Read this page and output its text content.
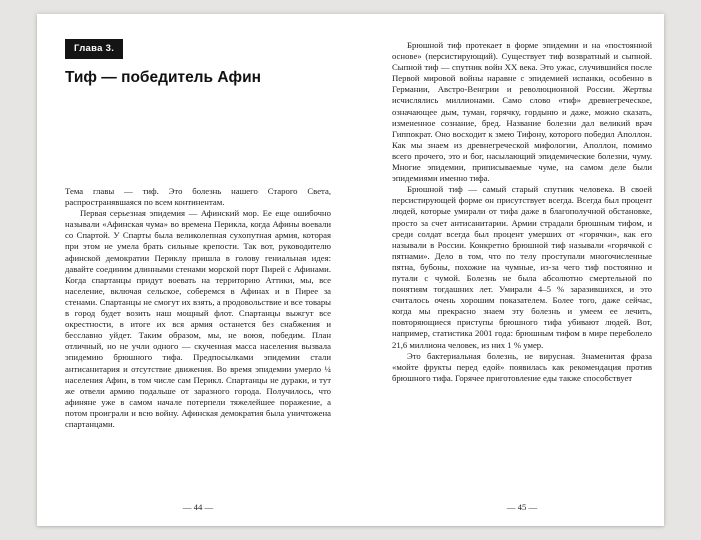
Глава 3.
Тиф — победитель Афин

Тема главы — тиф. Это болезнь нашего Старого Света, распространявшаяся по всем континентам.

Первая серьезная эпидемия — Афинский мор. Ее еще ошибочно называли «Афинская чума» во времена Перикла, когда Афины воевали со Спартой. У Спарты была великолепная сухопутная армия, которая при этом не умела брать сильные крепости. Так вот, руководителю афинской демократии Периклу пришла в голову гениальная идея: давайте соединим длинными стенами морской порт Пирей с Афинами. Когда спартанцы придут воевать на территорию Аттики, мы, все население, включая сельское, соберемся в Афинах и в Пирее за стенами. Спартанцы не смогут их взять, а продовольствие и все товары в город будет возить наш мощный флот. Спартанцы выжгут все окрестности, в итоге их вся армия останется без снабжения и бесславно уйдет. Таким образом, мы, не воюя, победим. План отличный, но не учли одного — скученная масса населения вызвала эпидемию брюшного тифа. Предпосылками эпидемии стали антисанитария и отсутствие движения. Во время эпидемии умерло ¼ населения Афин, в том числе сам Перикл. Спартанцы не дураки, и тут же отвели армию подальше от заразного города. Получилось, что афиняне уже в самом начале потерпели тяжелейшее поражение, а потом проиграли и всю войну. Афинская демократия была уничтожена спартанцами.

— 44 —

Брюшной тиф протекает в форме эпидемии и на «постоянной основе» (персистирующий). Существует тиф возвратный и сыпной. Сыпной тиф — спутник войн XX века. Это ужас, случившийся после Первой мировой войны наравне с эпидемией испанки, особенно в Германии, Австро-Венгрии и революционной России. Жертвы исчислялись миллионами. Само слово «тиф» древнегреческое, означающее дым, туман, горячку, гордыню и даже, можно сказать, измененное сознание, бред. Название болезни дал великий врач Гиппократ. Оно восходит к змею Тифону, которого победил Аполлон. Как мы знаем из древнегреческой мифологии, Аполлон, помимо всего прочего, это и бог, насылающий эпидемические болезни, чуму. Многие эпидемии, приписываемые чуме, на самом деле были эпидемиями именно тифа.

Брюшной тиф — самый старый спутник человека. В своей персистирующей форме он присутствует всегда. Всегда был процент людей, которые умирали от тифа даже в благополучной обстановке, просто за счет антисанитарии. Армии страдали брюшным тифом, и среди солдат всегда был процент умерших от «горячки», как его называли в России. Конкретно брюшной тиф называли «горячкой с пятнами». Дело в том, что по телу проступали многочисленные пятна, бубоны, похожие на чумные, из-за чего тиф постоянно и путали с чумой. Болезнь не была абсолютно смертельной по понятиям тогдашних лет. Умирали 4–5 % заразившихся, и это считалось очень хорошим показателем. Более того, даже сейчас, когда мы прекрасно знаем эту болезнь и умеем ее лечить, повторяющиеся приступы брюшного тифа убивают людей. Вот, например, статистика 2001 года: брюшным тифом в мире переболело 21,6 миллиона человек, из них 1 % умер.

Это бактериальная болезнь, не вирусная. Знаменитая фраза «мойте фрукты перед едой» появилась как рекомендация против брюшного тифа. Горячее приготовление еды также способствует

— 45 —
